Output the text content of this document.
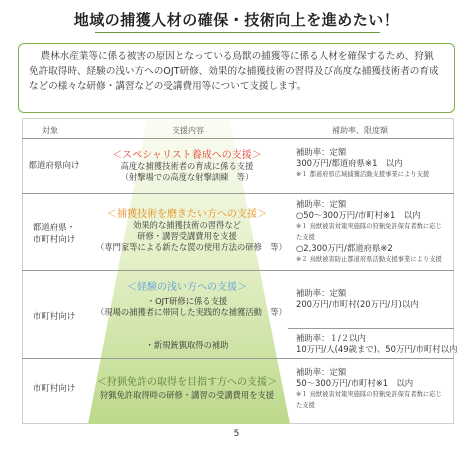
地域の捕獲人材の確保・技術向上を進めたい！
農林水産業等に係る被害の原因となっている鳥獣の捕獲等に係る人材を確保するため、狩猟
免許取得時、経験の浅い方へのOJT研修、効果的な捕獲技術の習得及び高度な捕獲技術者の育成
などの様々な研修・講習などの受講費用等について支援します。
対象	支援内容	補助率、限度額
都道府県向け
＜スペシャリスト養成への支援＞
高度な捕獲技術者の育成に係る支援
（射撃場での高度な射撃訓練　等）
補助率：定額
300万円/都道府県※1　以内
※１ 都道府県広域捕獲活動支援事業により支援
都道府県・
市町村向け
＜捕獲技術を磨きたい方への支援＞
効果的な捕獲技術の習得など
研修・講習受講費用を支援
（専門家等による新たな罠の使用方法の研修　等）
補助率：定額
○50～300万円/市町村※1　以内
※１ 鳥獣被害対策実施隊の狩猟免許保有者数に応じ
た支援
○2,300万円/都道府県※2
※２ 鳥獣被害防止都道府県活動支援事業により支援
市町村向け
＜経験の浅い方への支援＞
・OJT研修に係る支援
（現場の捕獲者に帯同した実践的な捕獲活動　等）
補助率：定額
200万円/市町村(20万円/月)以内
・新規銃猟取得の補助
補助率：１/２以内
10万円/人(49歳まで)、50万円/市町村以内
市町村向け
＜狩猟免許の取得を目指す方への支援＞
狩猟免許取得時の研修・講習の受講費用を支援
補助率：定額
50～300万円/市町村※1　以内
※１ 鳥獣被害対策実施隊の狩猟免許保有者数に応じ
た支援
5
